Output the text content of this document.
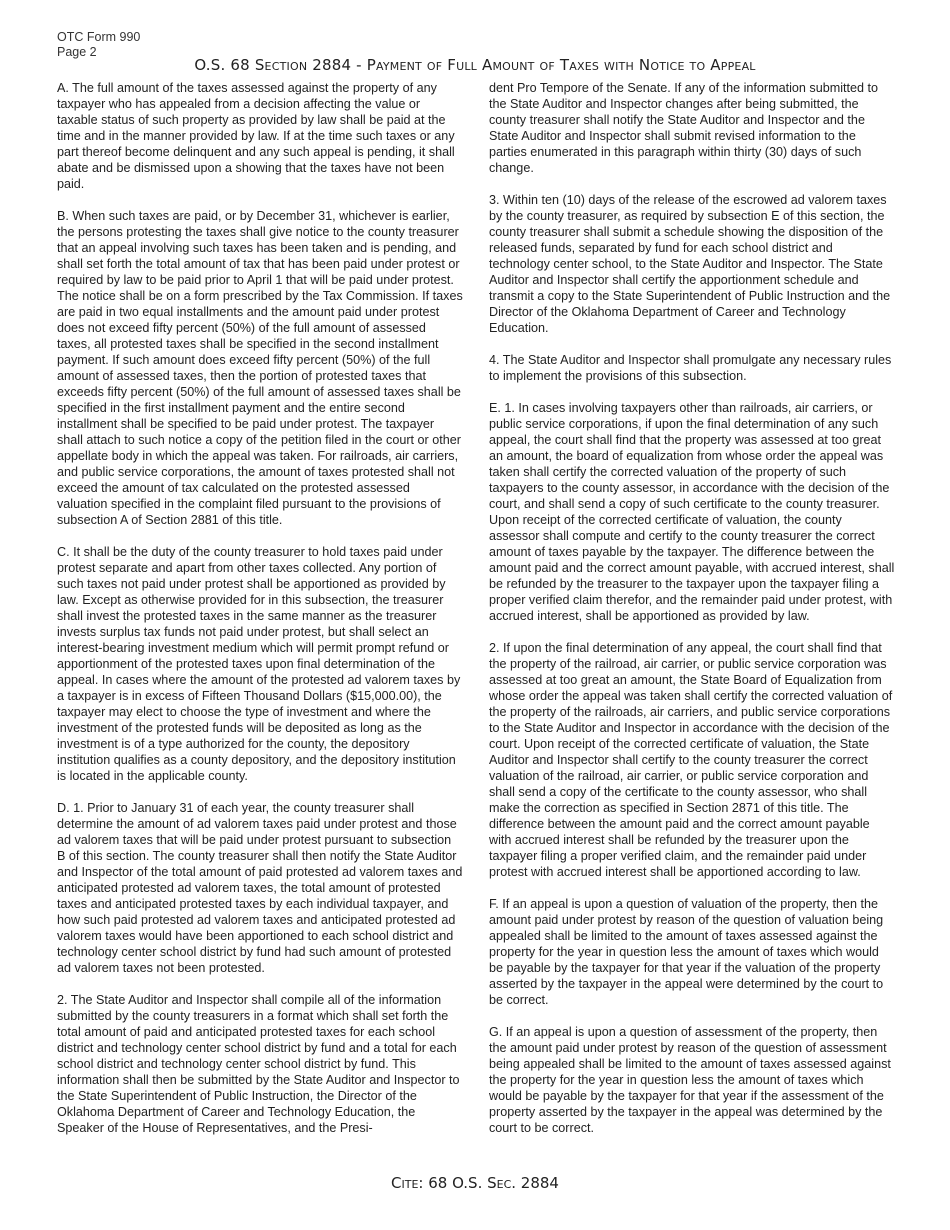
OTC Form 990
Page 2
O.S. 68 Section 2884 - Payment of Full Amount of Taxes with Notice to Appeal

A. The full amount of the taxes assessed against the property of any taxpayer who has appealed from a decision affecting the value or taxable status of such property as provided by law shall be paid at the time and in the manner provided by law. If at the time such taxes or any part thereof become delinquent and any such appeal is pending, it shall abate and be dismissed upon a showing that the taxes have not been paid.

B. When such taxes are paid, or by December 31, whichever is earlier, the persons protesting the taxes shall give notice to the county treasurer that an appeal involving such taxes has been taken and is pending, and shall set forth the total amount of tax that has been paid under protest or required by law to be paid prior to April 1 that will be paid under protest. The notice shall be on a form prescribed by the Tax Commission. If taxes are paid in two equal installments and the amount paid under protest does not exceed fifty percent (50%) of the full amount of assessed taxes, all protested taxes shall be specified in the second installment payment. If such amount does exceed fifty percent (50%) of the full amount of assessed taxes, then the portion of protested taxes that exceeds fifty percent (50%) of the full amount of assessed taxes shall be specified in the first installment payment and the entire second installment shall be specified to be paid under protest. The taxpayer shall attach to such notice a copy of the petition filed in the court or other appellate body in which the appeal was taken. For railroads, air carriers, and public service corporations, the amount of taxes protested shall not exceed the amount of tax calculated on the protested assessed valuation specified in the complaint filed pursuant to the provisions of subsection A of Section 2881 of this title.

C. It shall be the duty of the county treasurer to hold taxes paid under protest separate and apart from other taxes collected. Any portion of such taxes not paid under protest shall be apportioned as provided by law. Except as otherwise provided for in this subsection, the treasurer shall invest the protested taxes in the same manner as the treasurer invests surplus tax funds not paid under protest, but shall select an interest-bearing investment medium which will permit prompt refund or apportionment of the protested taxes upon final determination of the appeal. In cases where the amount of the protested ad valorem taxes by a taxpayer is in excess of Fifteen Thousand Dollars ($15,000.00), the taxpayer may elect to choose the type of investment and where the investment of the protested funds will be deposited as long as the investment is of a type authorized for the county, the depository institution qualifies as a county depository, and the depository institution is located in the applicable county.

D. 1. Prior to January 31 of each year, the county treasurer shall determine the amount of ad valorem taxes paid under protest and those ad valorem taxes that will be paid under protest pursuant to subsection B of this section. The county treasurer shall then notify the State Auditor and Inspector of the total amount of paid protested ad valorem taxes and anticipated protested ad valorem taxes, the total amount of protested taxes and anticipated protested taxes by each individual taxpayer, and how such paid protested ad valorem taxes and anticipated protested ad valorem taxes would have been apportioned to each school district and technology center school district by fund had such amount of protested ad valorem taxes not been protested.

2. The State Auditor and Inspector shall compile all of the information submitted by the county treasurers in a format which shall set forth the total amount of paid and anticipated protested taxes for each school district and technology center school district by fund and a total for each school district and technology center school district by fund. This information shall then be submitted by the State Auditor and Inspector to the State Superintendent of Public Instruction, the Director of the Oklahoma Department of Career and Technology Education, the Speaker of the House of Representatives, and the Presi-

dent Pro Tempore of the Senate. If any of the information submitted to the State Auditor and Inspector changes after being submitted, the county treasurer shall notify the State Auditor and Inspector and the State Auditor and Inspector shall submit revised information to the parties enumerated in this paragraph within thirty (30) days of such change.

3. Within ten (10) days of the release of the escrowed ad valorem taxes by the county treasurer, as required by subsection E of this section, the county treasurer shall submit a schedule showing the disposition of the released funds, separated by fund for each school district and technology center school, to the State Auditor and Inspector. The State Auditor and Inspector shall certify the apportionment schedule and transmit a copy to the State Superintendent of Public Instruction and the Director of the Oklahoma Department of Career and Technology Education.

4. The State Auditor and Inspector shall promulgate any necessary rules to implement the provisions of this subsection.

E. 1. In cases involving taxpayers other than railroads, air carriers, or public service corporations, if upon the final determination of any such appeal, the court shall find that the property was assessed at too great an amount, the board of equalization from whose order the appeal was taken shall certify the corrected valuation of the property of such taxpayers to the county assessor, in accordance with the decision of the court, and shall send a copy of such certificate to the county treasurer. Upon receipt of the corrected certificate of valuation, the county assessor shall compute and certify to the county treasurer the correct amount of taxes payable by the taxpayer. The difference between the amount paid and the correct amount payable, with accrued interest, shall be refunded by the treasurer to the taxpayer upon the taxpayer filing a proper verified claim therefor, and the remainder paid under protest, with accrued interest, shall be apportioned as provided by law.

2. If upon the final determination of any appeal, the court shall find that the property of the railroad, air carrier, or public service corporation was assessed at too great an amount, the State Board of Equalization from whose order the appeal was taken shall certify the corrected valuation of the property of the railroads, air carriers, and public service corporations to the State Auditor and Inspector in accordance with the decision of the court. Upon receipt of the corrected certificate of valuation, the State Auditor and Inspector shall certify to the county treasurer the correct valuation of the railroad, air carrier, or public service corporation and shall send a copy of the certificate to the county assessor, who shall make the correction as specified in Section 2871 of this title. The difference between the amount paid and the correct amount payable with accrued interest shall be refunded by the treasurer upon the taxpayer filing a proper verified claim, and the remainder paid under protest with accrued interest shall be apportioned according to law.

F. If an appeal is upon a question of valuation of the property, then the amount paid under protest by reason of the question of valuation being appealed shall be limited to the amount of taxes assessed against the property for the year in question less the amount of taxes which would be payable by the taxpayer for that year if the valuation of the property asserted by the taxpayer in the appeal were determined by the court to be correct.

G. If an appeal is upon a question of assessment of the property, then the amount paid under protest by reason of the question of assessment being appealed shall be limited to the amount of taxes assessed against the property for the year in question less the amount of taxes which would be payable by the taxpayer for that year if the assessment of the property asserted by the taxpayer in the appeal was determined by the court to be correct.

Cite: 68 O.S. Sec. 2884
